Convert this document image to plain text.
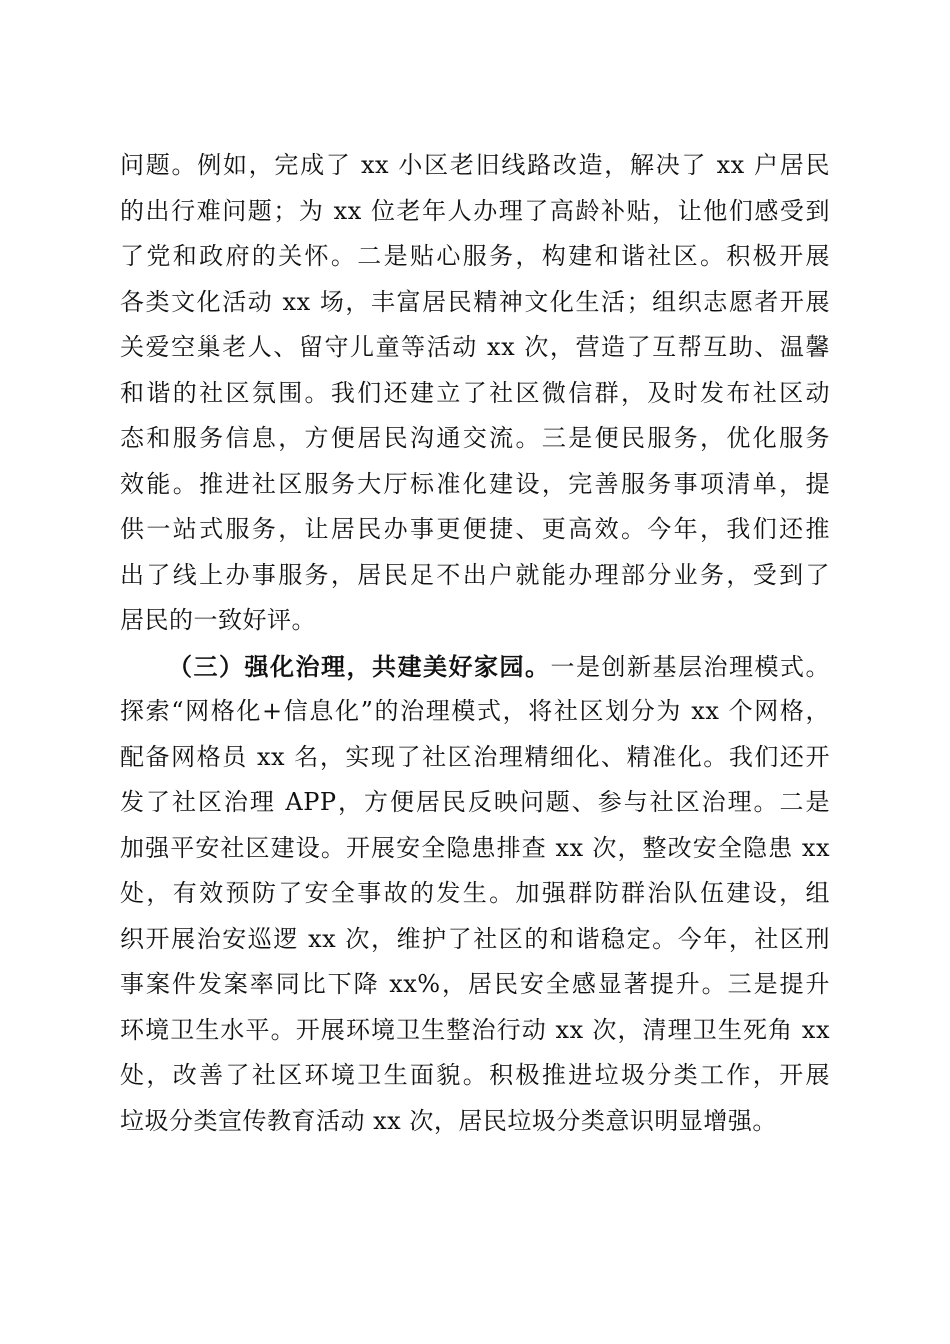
问题。例如，完成了 xx 小区老旧线路改造，解决了 xx 户居民
的出行难问题；为 xx 位老年人办理了高龄补贴，让他们感受到
了党和政府的关怀。二是贴心服务，构建和谐社区。积极开展
各类文化活动 xx 场，丰富居民精神文化生活；组织志愿者开展
关爱空巢老人、留守儿童等活动 xx 次，营造了互帮互助、温馨
和谐的社区氛围。我们还建立了社区微信群，及时发布社区动
态和服务信息，方便居民沟通交流。三是便民服务，优化服务
效能。推进社区服务大厅标准化建设，完善服务事项清单，提
供一站式服务，让居民办事更便捷、更高效。今年，我们还推
出了线上办事服务，居民足不出户就能办理部分业务，受到了
居民的一致好评。
（三）强化治理，共建美好家园。一是创新基层治理模式。
探索“网格化+信息化”的治理模式，将社区划分为 xx 个网格，
配备网格员 xx 名，实现了社区治理精细化、精准化。我们还开
发了社区治理 APP，方便居民反映问题、参与社区治理。二是
加强平安社区建设。开展安全隐患排查 xx 次，整改安全隐患 xx
处，有效预防了安全事故的发生。加强群防群治队伍建设，组
织开展治安巡逻 xx 次，维护了社区的和谐稳定。今年，社区刑
事案件发案率同比下降 xx%，居民安全感显著提升。三是提升
环境卫生水平。开展环境卫生整治行动 xx 次，清理卫生死角 xx
处，改善了社区环境卫生面貌。积极推进垃圾分类工作，开展
垃圾分类宣传教育活动 xx 次，居民垃圾分类意识明显增强。
